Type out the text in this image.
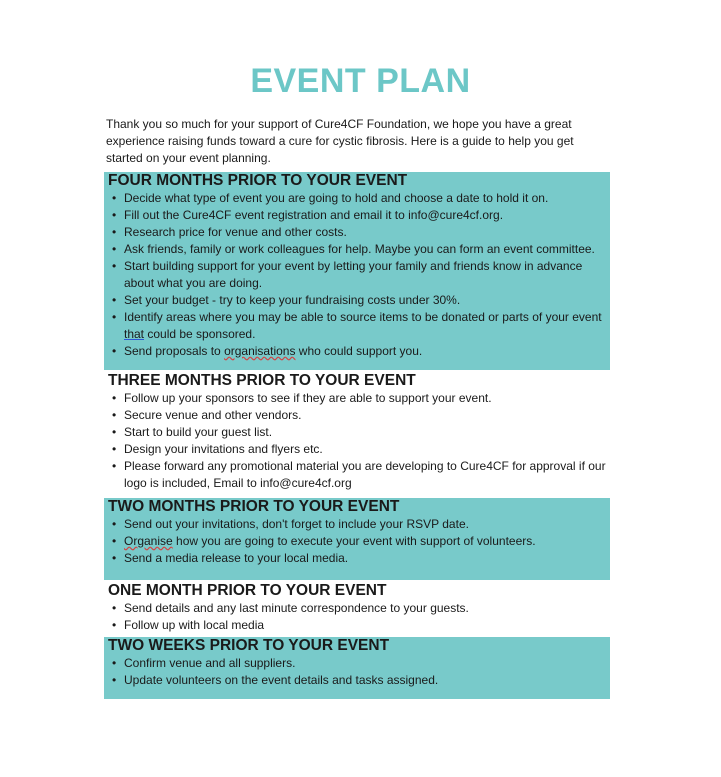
EVENT PLAN
Thank you so much for your support of Cure4CF Foundation, we hope you have a great experience raising funds toward a cure for cystic fibrosis. Here is a guide to help you get started on your event planning.
FOUR MONTHS PRIOR TO YOUR EVENT
• Decide what type of event you are going to hold and choose a date to hold it on.
• Fill out the Cure4CF event registration and email it to info@cure4cf.org.
• Research price for venue and other costs.
• Ask friends, family or work colleagues for help. Maybe you can form an event committee.
• Start building support for your event by letting your family and friends know in advance about what you are doing.
• Set your budget - try to keep your fundraising costs under 30%.
• Identify areas where you may be able to source items to be donated or parts of your event that could be sponsored.
• Send proposals to organisations who could support you.
THREE MONTHS PRIOR TO YOUR EVENT
• Follow up your sponsors to see if they are able to support your event.
• Secure venue and other vendors.
• Start to build your guest list.
• Design your invitations and flyers etc.
• Please forward any promotional material you are developing to Cure4CF for approval if our logo is included, Email to info@cure4cf.org
TWO MONTHS PRIOR TO YOUR EVENT
• Send out your invitations, don't forget to include your RSVP date.
• Organise how you are going to execute your event with support of volunteers.
• Send a media release to your local media.
ONE MONTH PRIOR TO YOUR EVENT
• Send details and any last minute correspondence to your guests.
• Follow up with local media
TWO WEEKS PRIOR TO YOUR EVENT
• Confirm venue and all suppliers.
• Update volunteers on the event details and tasks assigned.
